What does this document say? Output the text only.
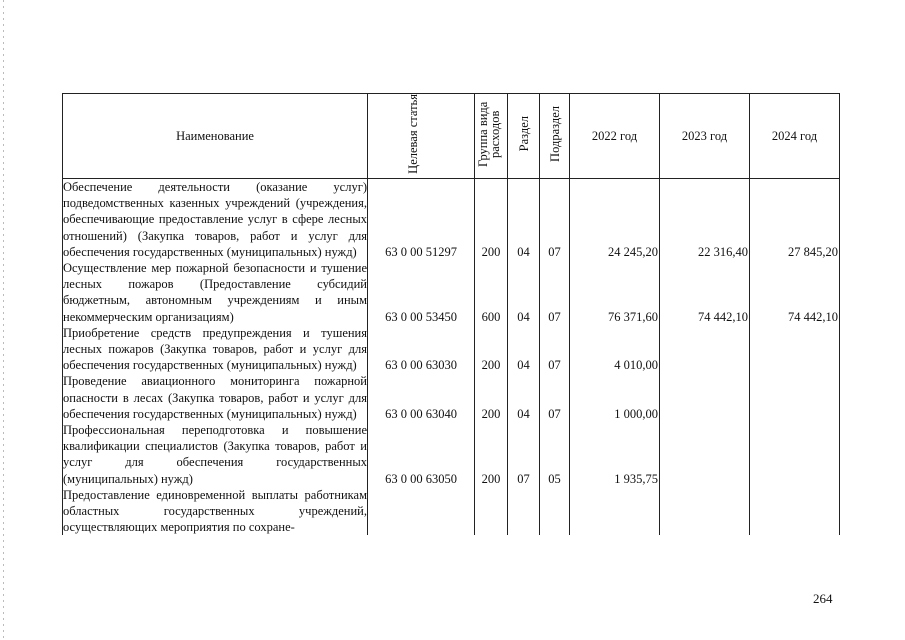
Наименование	Целевая статья	Группа вида расходов	Раздел	Подраздел	2022 год	2023 год	2024 год
Обеспечение деятельности (оказание услуг) подведомственных казенных учреждений (учреждения, обеспечивающие предоставление услуг в сфере лесных отношений) (Закупка товаров, работ и услуг для обеспечения государственных (муниципальных) нужд)	63 0 00 51297	200	04	07	24 245,20	22 316,40	27 845,20
Осуществление мер пожарной безопасности и тушение лесных пожаров (Предоставление субсидий бюджетным, автономным учреждениям и иным некоммерческим организациям)	63 0 00 53450	600	04	07	76 371,60	74 442,10	74 442,10
Приобретение средств предупреждения и тушения лесных пожаров (Закупка товаров, работ и услуг для обеспечения государственных (муниципальных) нужд)	63 0 00 63030	200	04	07	4 010,00		
Проведение авиационного мониторинга пожарной опасности в лесах (Закупка товаров, работ и услуг для обеспечения государственных (муниципальных) нужд)	63 0 00 63040	200	04	07	1 000,00		
Профессиональная переподготовка и повышение квалификации специалистов (Закупка товаров, работ и услуг для обеспечения государственных (муниципальных) нужд)	63 0 00 63050	200	07	05	1 935,75		
Предоставление единовременной выплаты работникам областных государственных учреждений, осуществляющих мероприятия по сохране-							
264
